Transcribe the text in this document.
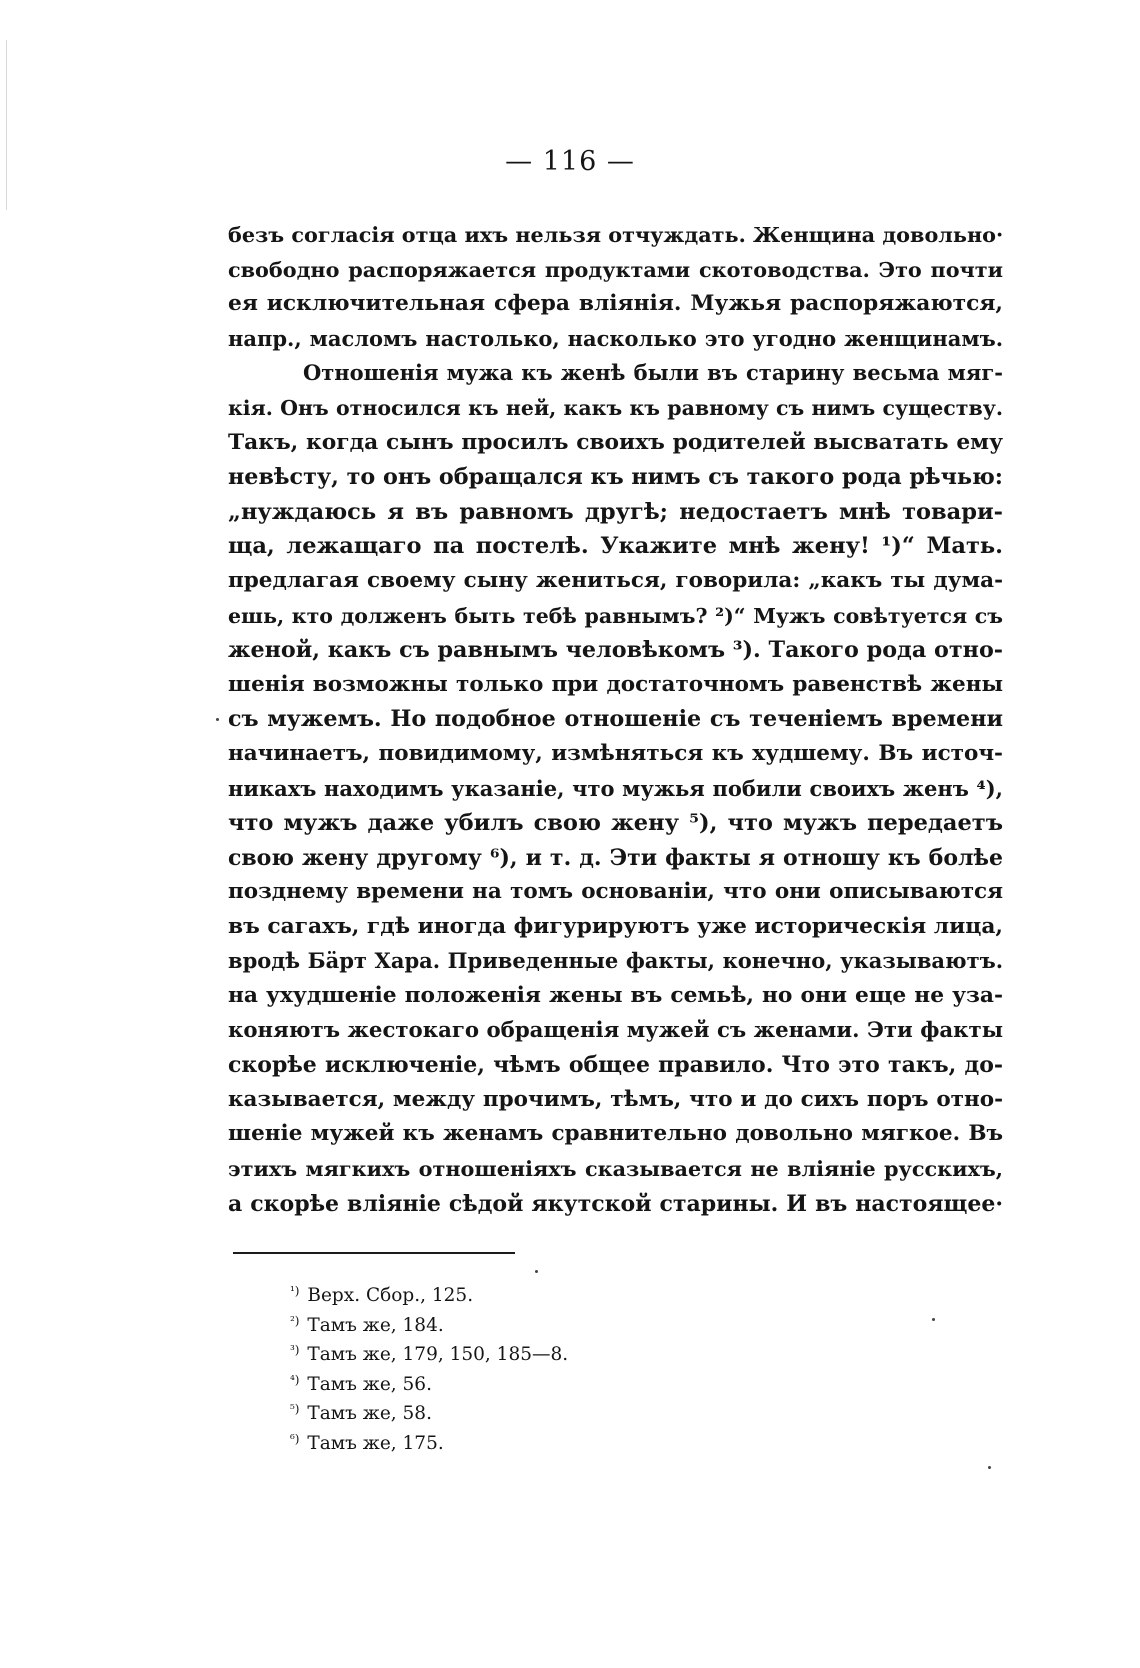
— 116 —
безъ согласія отца ихъ нельзя отчуждать. Женщина довольно·
свободно распоряжается продуктами скотоводства. Это почти
ея исключительная сфера вліянія. Мужья распоряжаются,
напр., масломъ настолько, насколько это угодно женщинамъ.
Отношенія мужа къ женѣ были въ старину весьма мяг-
кія. Онъ относился къ ней, какъ къ равному съ нимъ существу.
Такъ, когда сынъ просилъ своихъ родителей высватать ему
невѣсту, то онъ обращался къ нимъ съ такого рода рѣчью:
„нуждаюсь я въ равномъ другѣ; недостаетъ мнѣ товари-
ща, лежащаго па постелѣ. Укажите мнѣ жену! ¹)“ Мать.
предлагая своему сыну жениться, говорила: „какъ ты дума-
ешь, кто долженъ быть тебѣ равнымъ? ²)“ Мужъ совѣтуется съ
женой, какъ съ равнымъ человѣкомъ ³). Такого рода отно-
шенія возможны только при достаточномъ равенствѣ жены
съ мужемъ. Но подобное отношеніе съ теченіемъ времени
начинаетъ, повидимому, измѣняться къ худшему. Въ источ-
никахъ находимъ указаніе, что мужья побили своихъ женъ ⁴),
что мужъ даже убилъ свою жену ⁵), что мужъ передаетъ
свою жену другому ⁶), и т. д. Эти факты я отношу къ болѣе
позднему времени на томъ основаніи, что они описываются
въ сагахъ, гдѣ иногда фигурируютъ уже историческія лица,
вродѣ Бäрт Хара. Приведенные факты, конечно, указываютъ.
на ухудшеніе положенія жены въ семьѣ, но они еще не уза-
коняютъ жестокаго обращенія мужей съ женами. Эти факты
скорѣе исключеніе, чѣмъ общее правило. Что это такъ, до-
казывается, между прочимъ, тѣмъ, что и до сихъ поръ отно-
шеніе мужей къ женамъ сравнительно довольно мягкое. Въ
этихъ мягкихъ отношеніяхъ сказывается не вліяніе русскихъ,
а скорѣе вліяніе сѣдой якутской старины. И въ настоящее·
$^{^1)}$ Верх. Сбор., 125.
$^{^2)}$ Тамъ же, 184.
$^{^3)}$ Тамъ же, 179, 150, 185—8.
$^{^4)}$ Тамъ же, 56.
$^{^5)}$ Тамъ же, 58.
$^{^6)}$ Тамъ же, 175.
